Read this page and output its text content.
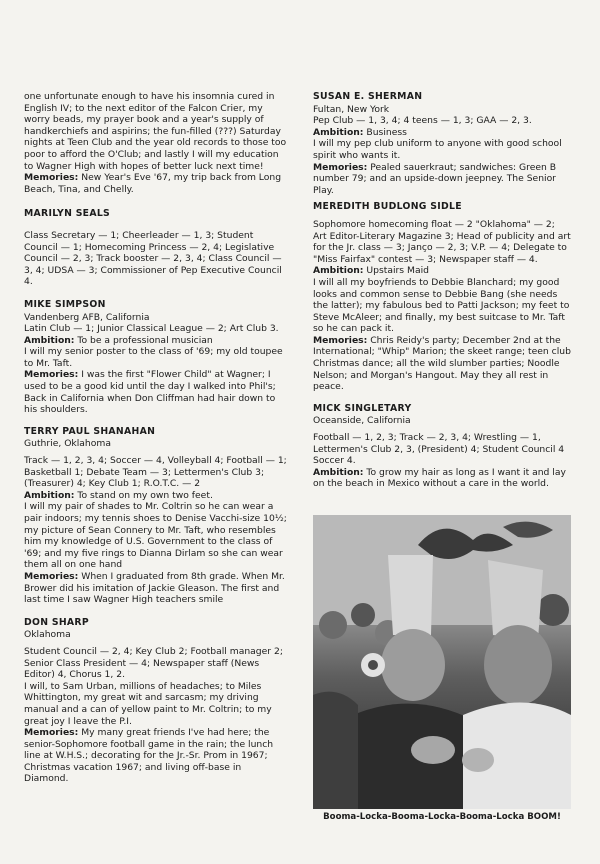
one unfortunate enough to have his insomnia cured in English IV; to the next editor of the Falcon Crier, my worry beads, my prayer book and a year's supply of handkerchiefs and aspirins; the fun-filled (???) Saturday nights at Teen Club and the year old records to those too poor to afford the O'Club; and lastly I will my education to Wagner High with hopes of better luck next time!

Memories: New Year's Eve '67, my trip back from Long Beach, Tina, and Chelly.

MARILYN SEALS

Class Secretary — 1; Cheerleader — 1, 3; Student Council — 1; Homecoming Princess — 2, 4; Legislative Council — 2, 3; Track booster — 2, 3, 4; Class Council — 3, 4; UDSA — 3; Commissioner of Pep Executive Council 4.

MIKE SIMPSON
Vandenberg AFB, California

Latin Club — 1; Junior Classical League — 2; Art Club 3.

Ambition: To be a professional musician

I will my senior poster to the class of '69; my old toupee to Mr. Taft.

Memories: I was the first "Flower Child" at Wagner; I used to be a good kid until the day I walked into Phil's; Back in California when Don Cliffman had hair down to his shoulders.

TERRY PAUL SHANAHAN
Guthrie, Oklahoma

Track — 1, 2, 3, 4; Soccer — 4, Volleyball 4; Football — 1; Basketball 1; Debate Team — 3; Lettermen's Club 3; (Treasurer) 4; Key Club 1; R.O.T.C. — 2

Ambition: To stand on my own two feet.

I will my pair of shades to Mr. Coltrin so he can wear a pair indoors; my tennis shoes to Denise Vacchi-size 10½; my picture of Sean Connery to Mr. Taft, who resembles him my knowledge of U.S. Government to the class of '69; and my five rings to Dianna Dirlam so she can wear them all on one hand

Memories: When I graduated from 8th grade. When Mr. Brower did his imitation of Jackie Gleason. The first and last time I saw Wagner High teachers smile

DON SHARP
Oklahoma

Student Council — 2, 4; Key Club 2; Football manager 2; Senior Class President — 4; Newspaper staff (News Editor) 4, Chorus 1, 2.

I will, to Sam Urban, millions of headaches; to Miles Whittington, my great wit and sarcasm; my driving manual and a can of yellow paint to Mr. Coltrin; to my great joy I leave the P.I.

Memories: My many great friends I've had here; the senior-Sophomore football game in the rain; the lunch line at W.H.S.; decorating for the Jr.-Sr. Prom in 1967; Christmas vacation 1967; and living off-base in Diamond.

SUSAN E. SHERMAN
Fultan, New York

Pep Club — 1, 3, 4; 4 teens — 1, 3; GAA — 2, 3.

Ambition: Business

I will my pep club uniform to anyone with good school spirit who wants it.

Memories: Pealed sauerkraut; sandwiches: Green B number 79; and an upside-down jeepney. The Senior Play.

MEREDITH BUDLONG SIDLE

Sophomore homecoming float — 2 "Oklahoma" — 2; Art Editor-Literary Magazine 3; Head of publicity and art for the Jr. class — 3; Janço — 2, 3; V.P. — 4; Delegate to "Miss Fairfax" contest — 3; Newspaper staff — 4.

Ambition: Upstairs Maid

I will all my boyfriends to Debbie Blanchard; my good looks and common sense to Debbie Bang (she needs the latter); my fabulous bed to Patti Jackson; my feet to Steve McAleer; and finally, my best suitcase to Mr. Taft so he can pack it.

Memories: Chris Reidy's party; December 2nd at the International; "Whip" Marion; the skeet range; teen club Christmas dance; all the wild slumber parties; Noodle Nelson; and Morgan's Hangout. May they all rest in peace.

MICK SINGLETARY
Oceanside, California

Football — 1, 2, 3; Track — 2, 3, 4; Wrestling — 1, Lettermen's Club 2, 3, (President) 4; Student Council 4 Soccer 4.

Ambition: To grow my hair as long as I want it and lay on the beach in Mexico without a care in the world.

Booma-Locka-Booma-Locka-Booma-Locka BOOM!
